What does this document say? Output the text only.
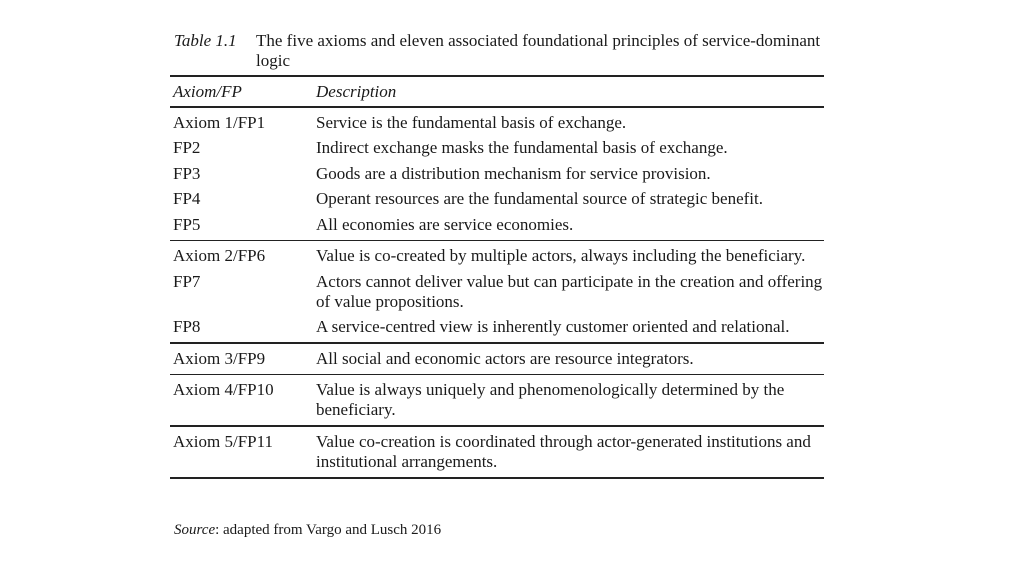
Table 1.1 The five axioms and eleven associated foundational principles of service-dominant logic
Axiom/FP	Description
Axiom 1/FP1	Service is the fundamental basis of exchange.
FP2	Indirect exchange masks the fundamental basis of exchange.
FP3	Goods are a distribution mechanism for service provision.
FP4	Operant resources are the fundamental source of strategic benefit.
FP5	All economies are service economies.
Axiom 2/FP6	Value is co-created by multiple actors, always including the beneficiary.
FP7	Actors cannot deliver value but can participate in the creation and offering of value propositions.
FP8	A service-centred view is inherently customer oriented and relational.
Axiom 3/FP9	All social and economic actors are resource integrators.
Axiom 4/FP10	Value is always uniquely and phenomenologically determined by the beneficiary.
Axiom 5/FP11	Value co-creation is coordinated through actor-generated institutions and institutional arrangements.
Source: adapted from Vargo and Lusch 2016
